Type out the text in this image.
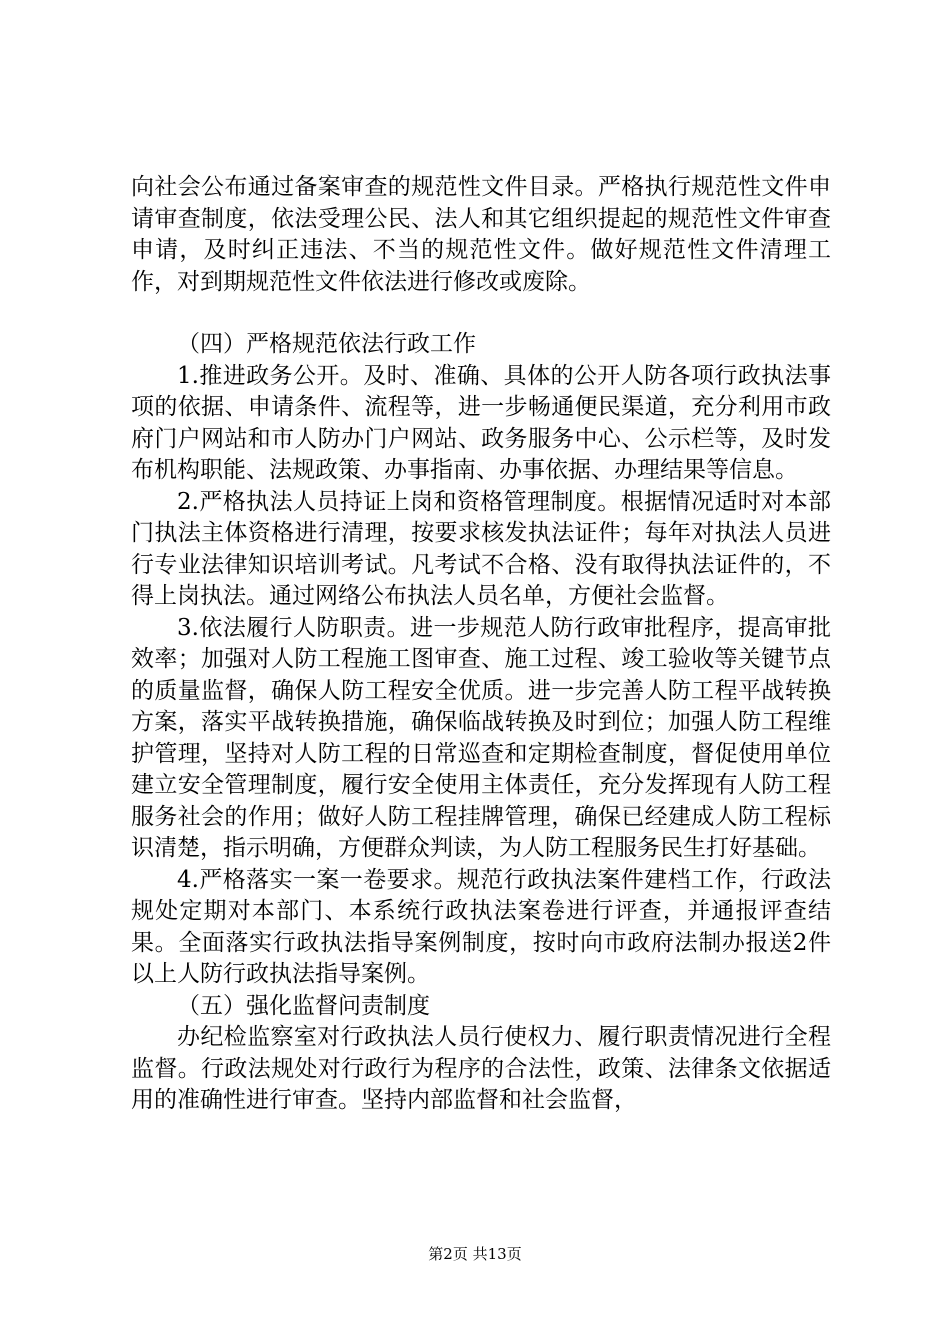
向社会公布通过备案审查的规范性文件目录。严格执行规范性文件申请审查制度，依法受理公民、法人和其它组织提起的规范性文件审查申请，及时纠正违法、不当的规范性文件。做好规范性文件清理工作，对到期规范性文件依法进行修改或废除。

（四）严格规范依法行政工作

1.推进政务公开。及时、准确、具体的公开人防各项行政执法事项的依据、申请条件、流程等，进一步畅通便民渠道，充分利用市政府门户网站和市人防办门户网站、政务服务中心、公示栏等，及时发布机构职能、法规政策、办事指南、办事依据、办理结果等信息。

2.严格执法人员持证上岗和资格管理制度。根据情况适时对本部门执法主体资格进行清理，按要求核发执法证件；每年对执法人员进行专业法律知识培训考试。凡考试不合格、没有取得执法证件的，不得上岗执法。通过网络公布执法人员名单，方便社会监督。

3.依法履行人防职责。进一步规范人防行政审批程序，提高审批效率；加强对人防工程施工图审查、施工过程、竣工验收等关键节点的质量监督，确保人防工程安全优质。进一步完善人防工程平战转换方案，落实平战转换措施，确保临战转换及时到位；加强人防工程维护管理，坚持对人防工程的日常巡查和定期检查制度，督促使用单位建立安全管理制度，履行安全使用主体责任，充分发挥现有人防工程服务社会的作用；做好人防工程挂牌管理，确保已经建成人防工程标识清楚，指示明确，方便群众判读，为人防工程服务民生打好基础。

4.严格落实一案一卷要求。规范行政执法案件建档工作，行政法规处定期对本部门、本系统行政执法案卷进行评查，并通报评查结果。全面落实行政执法指导案例制度，按时向市政府法制办报送2件以上人防行政执法指导案例。

（五）强化监督问责制度

办纪检监察室对行政执法人员行使权力、履行职责情况进行全程监督。行政法规处对行政行为程序的合法性，政策、法律条文依据适用的准确性进行审查。坚持内部监督和社会监督，

第2页 共13页
